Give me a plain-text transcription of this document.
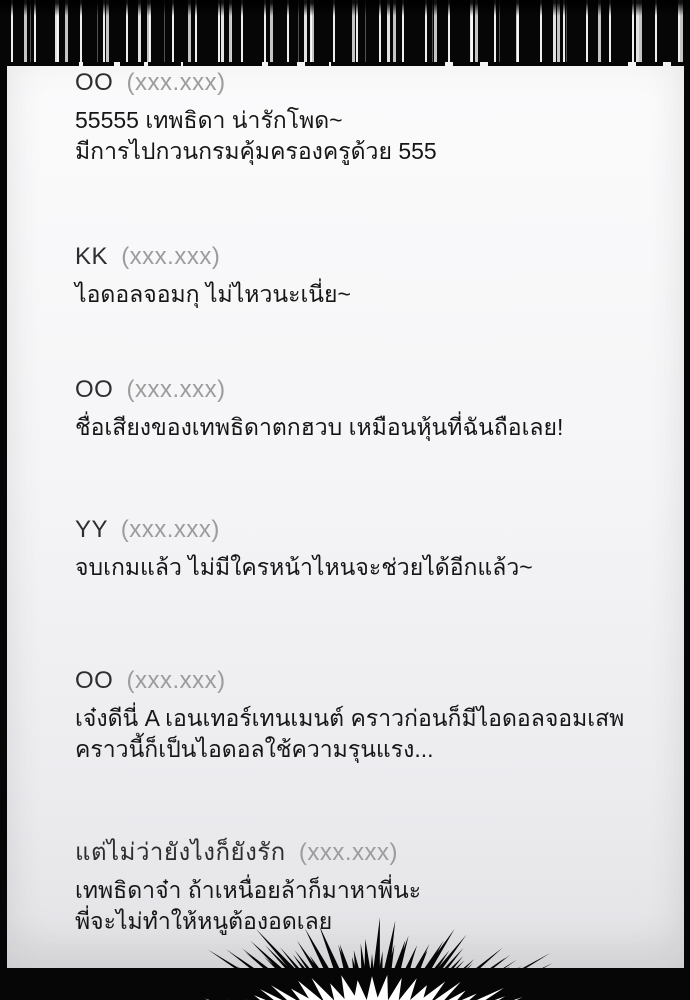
OO (xxx.xxx)
55555 เทพธิดา น่ารักโพด~
มีการไปกวนกรมคุ้มครองครูด้วย 555
KK (xxx.xxx)
ไอดอลจอมกุ ไม่ไหวนะเนี่ย~
OO (xxx.xxx)
ชื่อเสียงของเทพธิดาตกฮวบ เหมือนหุ้นที่ฉันถือเลย!
YY (xxx.xxx)
จบเกมแล้ว ไม่มีใครหน้าไหนจะช่วยได้อีกแล้ว~
OO (xxx.xxx)
เจ๋งดีนี่ A เอนเทอร์เทนเมนต์ คราวก่อนก็มีไอดอลจอมเสพ
คราวนี้ก็เป็นไอดอลใช้ความรุนแรง...
แต่ไม่ว่ายังไงก็ยังรัก (xxx.xxx)
เทพธิดาจ๋า ถ้าเหนื่อยล้าก็มาหาพี่นะ
พี่จะไม่ทำให้หนูต้องอดเลย
